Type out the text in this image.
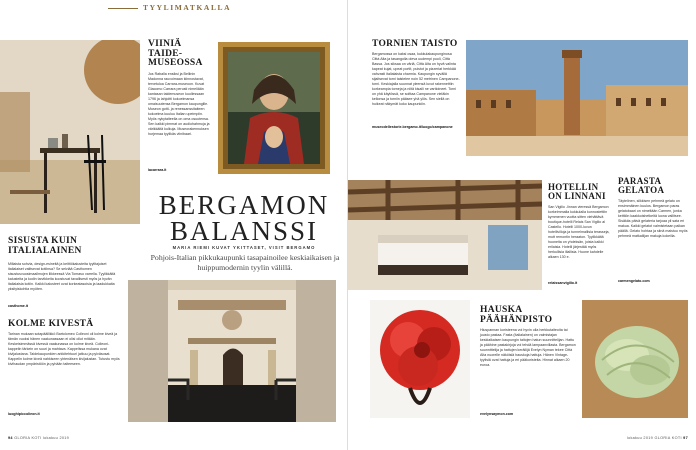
TYYLIMATKALLA
VIINIÄ
TAIDE-
MUSEOSSA
Jos Raballa ensiksi ja Bellinin Madonna rauvoimaan kiinnostavat, tervetuloa Carrara-museoon. Kuvat Giacomo Carrara perusti nimeliään kantasan taidemuseon kuollessaan 1796 ja lahjoitti kokoelmansa omaisuutensa Bergamon kaupungille. Museon gotti- ja renessanssitaiteen kokoelma kuuluu Italian upeimpiin. Myös nykytaiteella on oma osuutensa. Sen kaikki pimmat on audiohahmoja ja värikkäitä kulkuja. Museorakennuksen hurjemaa tyylikäs viinibaari.
lacarrara.it
BERGAMON
BALANSSI
MARIA RIEMI KUVAT YKITTASET, VISIT BERGAMO
Pohjois-Italian pikkukaupunki tasapainoilee keskiaikaisen ja huippumodernin tyylin välillä.
SISUSTA KUIN
ITALIALAINEN
Millaista sohvia, design-esineitä ja keittiökalusteita tyylitajuiset italialaiset valitsevat kotiinsa? Se selviää Casthomen sisustusvuosimaailmojen liikkeessä Via Tomaso varrella. Tyylikkäitä kalusteita ja kodin tarvikkeita koostuvat tavallisesti myös ja hyvän italialaisia kotiin. Kaikki kalusteet ovat korkeatasoisia ja laadukkaita yksityiskohtia myöten.
casthome.it
KOLME KIVESTÄ
Tarinan mukaan sotapäällikkö Bartolomeo Colleoni oli kolme kiveä ja tämän vuoksi hänen vaakunassaan ei olisi ollut mitään. Keskeisimmässä kivessä vaakunassa on kolme kiveä. Colleoni-kappelin tärkein on suuri ja mahtava. Kappelissa mukana ovat kivijalustana. Taidekaupunkien arkkitehtuuri jatkuu ja pylväsosat. Kappelin kolme kiveä nahkiseen yhtenäisen kivijalustan. Tutustu myös kivihaudan ympäristöön ja pyhään taiteeseen.
luoghipiccolieon.it
94 GLORIA KOTI lokakuu 2019
TORNIEN TAISTO
Bergamossa on kaksi osaa, kukkulakaupunginosa Città Alta ja tasangolla oleva uudempi puoli, Città Bassa. Jos siksaa on väriä, Città Alta on hyvä valinta kapeat kujat, upeat portit, puistot ja pizzeriat herkkää vahvasti italialaista charmia. Kaupungin syvällä sijaitsevat torni taistelee noin 52 metrinen Campanone-torni. Keskiajalla suunnat yleensä luvut rakennettiin korkeampia torneja ja niitä kisaili ne vartioineet. Torni on yhä käytössä, se soittaa Campanone vieläkin kellonsa ja torniin pääsee yhä ylös. Sen siellä on huikeat näkymät koko kaupunkiin.
museodellestorie.bergamo.it/luogo/campanone
HOTELLIN
ON LINNANI
San Vigilio -linnan vieressä Bergamon korkeimmalla kukkulalla kunnostettiin kymmenen vuotta sitten viehättävä boutique-hotelli Relais San Vigilio al Castello. Hotelli 1000-luvun hotellivilloja ja tunnelmallisia terasseja, mutt remontin heraaton. Tyylikkäitä huoneita on yhdeksän, joista kaikki erilaisia. Hotelli järjestää myös herkullisia illallisia. Huone kahdelle alkaen 130 e.
relaissanvigilio.it
PARASTA
GELATOA
Täytelinen, silkkisen pehmeä gelato on ensimmäinen kuulos. Bergamon paras gelatobaari on nimeltään Carmen, jonka keittiön kaakkoishetkeltä luona vallitsee. Sisäkäs päivä gelateria tarjoaa yli sata eri makua. Kaikki gelatot valmistetaan paikan päällä. Gelato hohtaa ja siinä maistuu myös pehmeä matkailijan makuja kokeilla.
carmengelato.com
HAUSKA
PÄÄHÄNPISTO
Hiuspannan koristeena voi hyvin olla herkkutaiteoita tai juusto pastaa. Fasta (Italialainen) on valmistajan keskiaikaisen kaupungin taitojen hatun suunnittelijan. Hattu ja päähine pastakirjoja voi tehdä lampaanvillasta. Bergamon suunnittelija ja hattujen keräilijä Evelyn Nyman tekee Città Alta nuorelle näköisiä hauskoja hattuja. Hänen Vintage-tyylisiä ovat hattuja ja eri pääkoristeita. Hinnat alkaen 20 euroa.
evelynsaymon.com
lokakuu 2019 GLORIA KOTI 97
